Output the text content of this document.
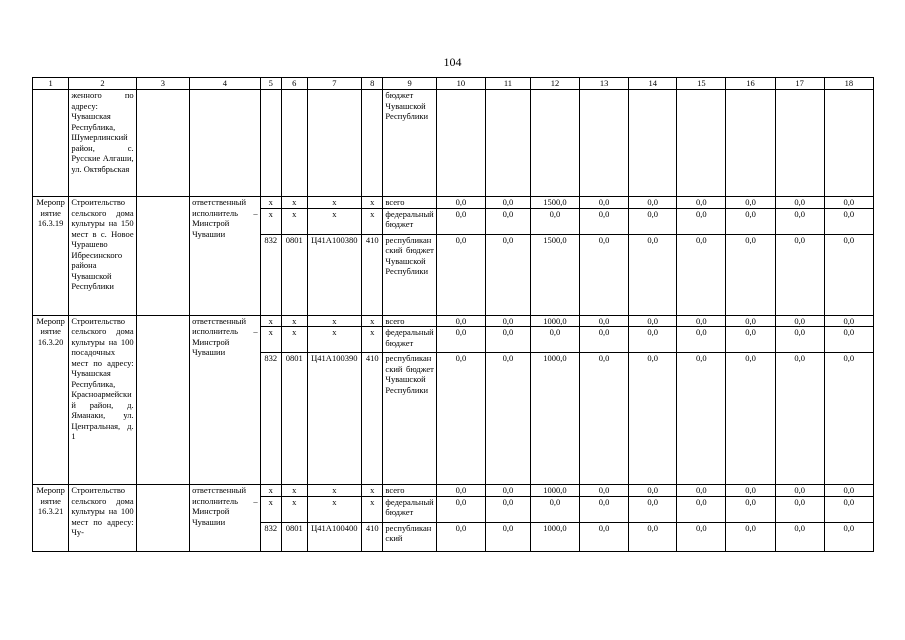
104
1	2	3	4	5	6	7	8	9	10	11	12	13	14	15	16	17	18
	женного по адресу: Чувашская Республика, Шумерлинский район, с. Русские Алгаши, ул. Октябрьская							бюджет Чувашской Республики									
Мероприятие 16.3.19	Строительство сельского дома культуры на 150 мест в с. Новое Чурашево Ибресинского района Чувашской Республики		ответственный исполнитель – Минстрой Чувашии	x	x	x	x	всего	0,0	0,0	1500,0	0,0	0,0	0,0	0,0	0,0	0,0
				x	x	x	x	федеральный бюджет	0,0	0,0	0,0	0,0	0,0	0,0	0,0	0,0	0,0
				832	0801	Ц41А100380	410	республиканский бюджет Чувашской Республики	0,0	0,0	1500,0	0,0	0,0	0,0	0,0	0,0	0,0
Мероприятие 16.3.20	Строительство сельского дома культуры на 100 посадочных мест по адресу: Чувашская Республика, Красноармейский район, д. Яманаки, ул. Центральная, д. 1		ответственный исполнитель – Минстрой Чувашии	x	x	x	x	всего	0,0	0,0	1000,0	0,0	0,0	0,0	0,0	0,0	0,0
				x	x	x	x	федеральный бюджет	0,0	0,0	0,0	0,0	0,0	0,0	0,0	0,0	0,0
				832	0801	Ц41А100390	410	республиканский бюджет Чувашской Республики	0,0	0,0	1000,0	0,0	0,0	0,0	0,0	0,0	0,0
Мероприятие 16.3.21	Строительство сельского дома культуры на 100 мест по адресу: Чу-		ответственный исполнитель – Минстрой Чувашии	x	x	x	x	всего	0,0	0,0	1000,0	0,0	0,0	0,0	0,0	0,0	0,0
				x	x	x	x	федеральный бюджет	0,0	0,0	0,0	0,0	0,0	0,0	0,0	0,0	0,0
				832	0801	Ц41А100400	410	республиканский	0,0	0,0	1000,0	0,0	0,0	0,0	0,0	0,0	0,0
